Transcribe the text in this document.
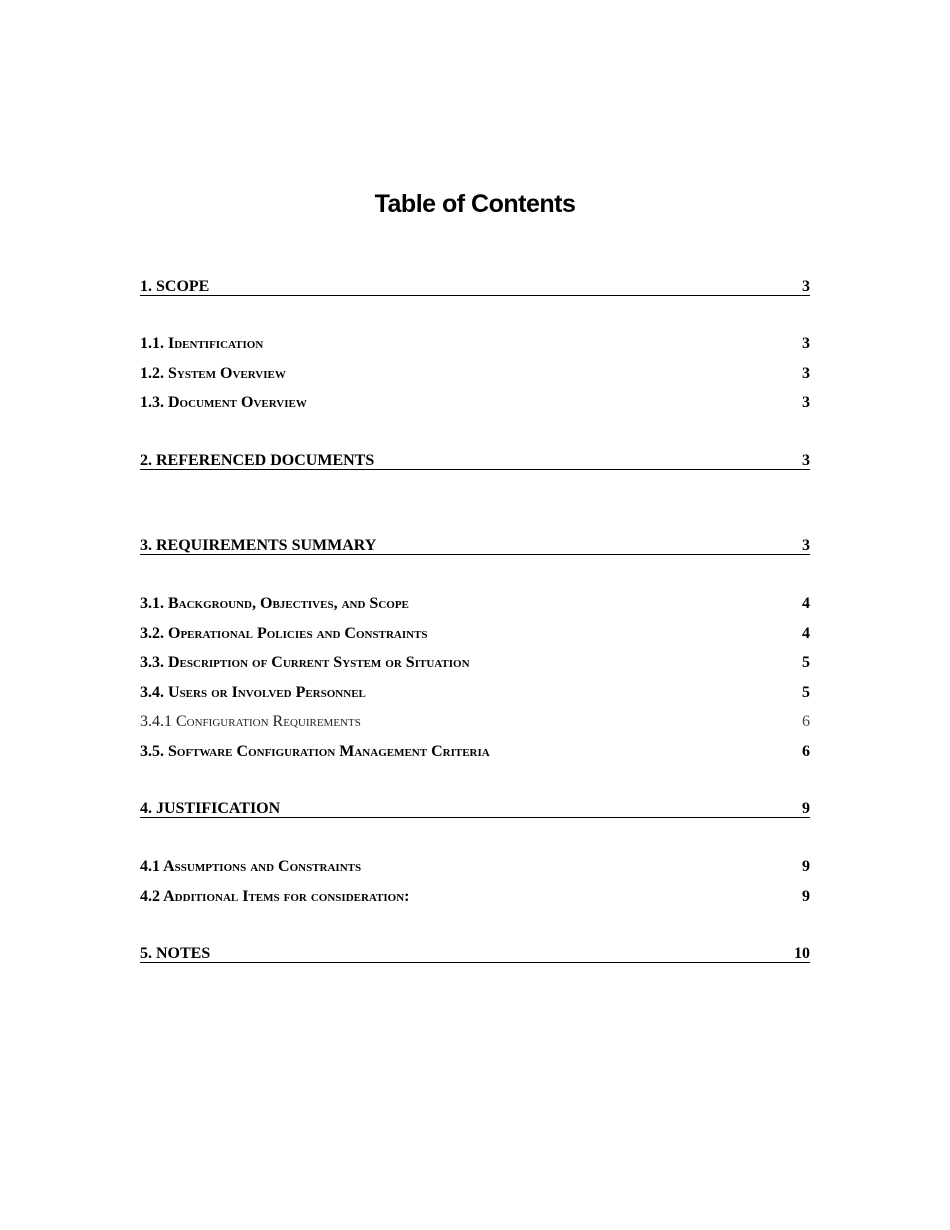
Table of Contents
1. SCOPE	3
1.1. Identification	3
1.2. System Overview	3
1.3. Document Overview	3
2. REFERENCED DOCUMENTS	3
3. REQUIREMENTS SUMMARY	3
3.1. Background, Objectives, and Scope	4
3.2. Operational Policies and Constraints	4
3.3. Description of Current System or Situation	5
3.4. Users or Involved Personnel	5
3.4.1 Configuration Requirements	6
3.5. Software Configuration Management Criteria	6
4. JUSTIFICATION	9
4.1 Assumptions and Constraints	9
4.2 Additional Items for consideration:	9
5. NOTES	10
